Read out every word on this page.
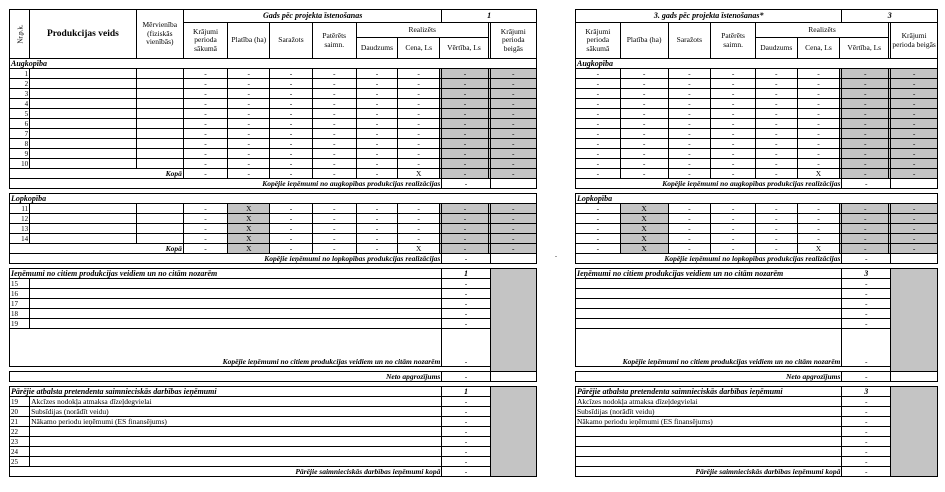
Nr.p.k.	Produkcijas veids	Mērvienība (fiziskās vienībās)	Gads pēc projekta īstenošanas							1		
			Krājumi perioda sākumā	Platība (ha)	Saražots	Patērēts saimn.	Realizēts					Krājumi perioda beigās
							Daudzums	Cena, Ls	Vērtība, Ls			
Augkopība												
1			-	-	-	-	-	-		-		-
2			-	-	-	-	-	-		-		-
3			-	-	-	-	-	-		-		-
4			-	-	-	-	-	-		-		-
5			-	-	-	-	-	-		-		-
6			-	-	-	-	-	-		-		-
7			-	-	-	-	-	-		-		-
8			-	-	-	-	-	-		-		-
9			-	-	-	-	-	-		-		-
10			-	-	-	-	-	-		-		-
Kopā			-	-	-	-	-	X		-		-
Kopējie ieņēmumi no augkopības produkcijas realizācijas										-		

Lopkopība												
11			-	X	-	-	-	-		-		-
12			-	X	-	-	-	-		-		-
13			-	X	-	-	-	-		-		-
14			-	X	-	-	-	-		-		-
Kopā			-	X	-	-	-	X		-		-
Kopējie ieņēmumi no lopkopības produkcijas realizācijas										-		

Ieņēmumi no citiem produkcijas veidiem un no citām nozarēm										1		
15										-		
16										-		
17										-		
18										-		
19										-		
Kopējie ieņēmumi no citiem produkcijas veidiem un no citām nozarēm										-		

Neto apgrozījums										-		

Pārējie atbalsta pretendenta saimnieciskās darbības ieņēmumi										1		
19	Akcīzes nodokļa atmaksa dīzeļdegvielai									-		
20	Subsīdijas (norādīt veidu)									-		
21	Nākamo periodu ieņēmumi (ES finansējums)									-		
22										-		
23										-		
24										-		
25										-		
Pārējie saimnieciskās darbības ieņēmumi kopā										-		
.
3. gads pēc projekta īstenošanas*							3		
Krājumi perioda sākumā	Platība (ha)	Saražots	Patērēts saimn.	Realizēts					Krājumi perioda beigās
				Daudzums	Cena, Ls	Vērtība, Ls			
Augkopība									
-	-	-	-	-	-		-		-
-	-	-	-	-	-		-		-
-	-	-	-	-	-		-		-
-	-	-	-	-	-		-		-
-	-	-	-	-	-		-		-
-	-	-	-	-	-		-		-
-	-	-	-	-	-		-		-
-	-	-	-	-	-		-		-
-	-	-	-	-	-		-		-
-	-	-	-	-	-		-		-
-	-	-	-	-	X		-		-
Kopējie ieņēmumi no augkopības produkcijas realizācijas							-		

Lopkopība									
-	X	-	-	-	-		-		-
-	X	-	-	-	-		-		-
-	X	-	-	-	-		-		-
-	X	-	-	-	-		-		-
-	X	-	-	-	X		-		-
Kopējie ieņēmumi no lopkopības produkcijas realizācijas							-		

Ieņēmumi no citiem produkcijas veidiem un no citām nozarēm							3		
							-		
							-		
							-		
							-		
							-		
Kopējie ieņēmumi no citiem produkcijas veidiem un no citām nozarēm							-		

Neto apgrozījums							-		

Pārējie atbalsta pretendenta saimnieciskās darbības ieņēmumi							3		
Akcīzes nodokļa atmaksa dīzeļdegvielai							-		
Subsīdijas (norādīt veidu)							-		
Nākamo periodu ieņēmumi (ES finansējums)							-		
							-		
							-		
							-		
							-		
Pārējie saimnieciskās darbības ieņēmumi kopā							-		
